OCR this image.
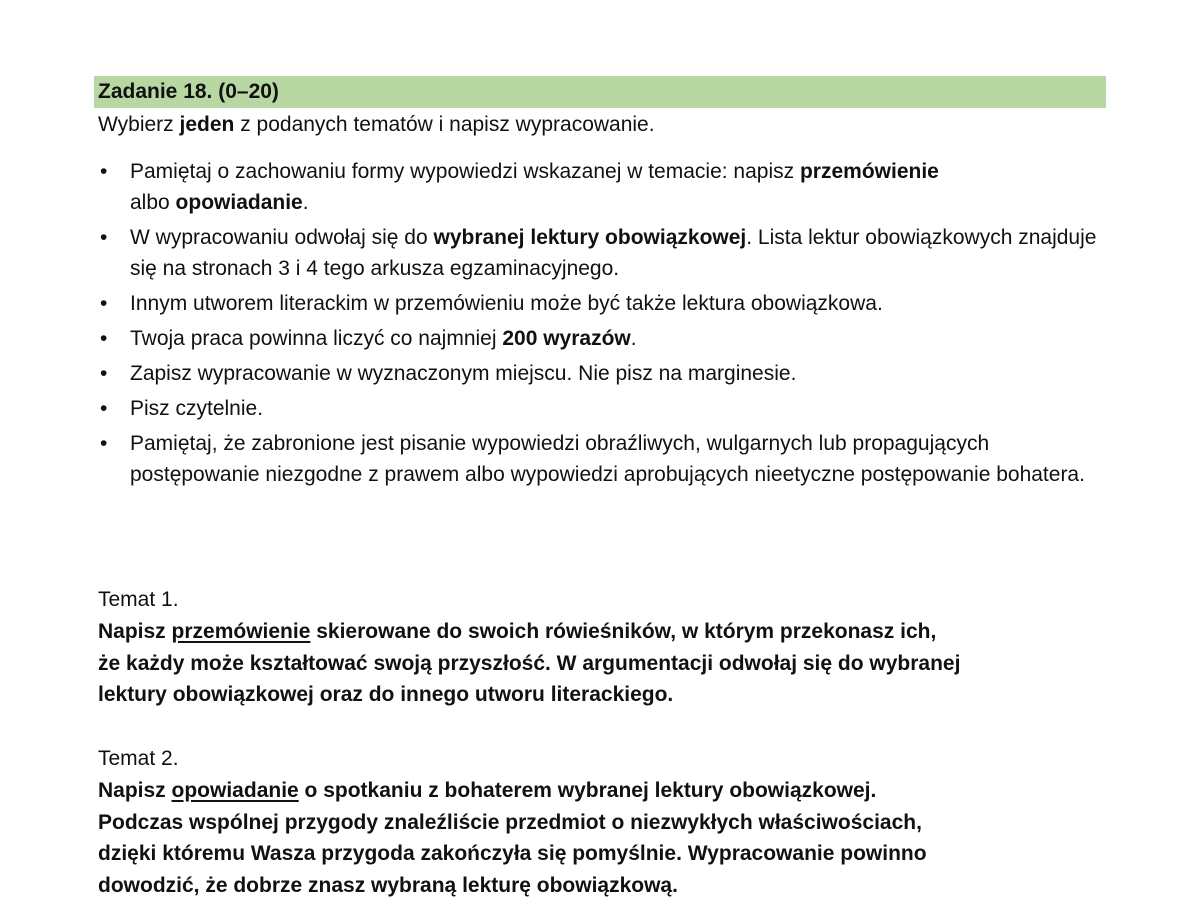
Zadanie 18. (0–20)
Wybierz jeden z podanych tematów i napisz wypracowanie.
• Pamiętaj o zachowaniu formy wypowiedzi wskazanej w temacie: napisz przemówienie
albo opowiadanie.
• W wypracowaniu odwołaj się do wybranej lektury obowiązkowej. Lista lektur obowiązkowych znajduje się na stronach 3 i 4 tego arkusza egzaminacyjnego.
• Innym utworem literackim w przemówieniu może być także lektura obowiązkowa.
• Twoja praca powinna liczyć co najmniej 200 wyrazów.
• Zapisz wypracowanie w wyznaczonym miejscu. Nie pisz na marginesie.
• Pisz czytelnie.
• Pamiętaj, że zabronione jest pisanie wypowiedzi obraźliwych, wulgarnych lub propagujących postępowanie niezgodne z prawem albo wypowiedzi aprobujących nieetyczne postępowanie bohatera.
Temat 1.
Napisz przemówienie skierowane do swoich rówieśników, w którym przekonasz ich,
że każdy może kształtować swoją przyszłość. W argumentacji odwołaj się do wybranej
lektury obowiązkowej oraz do innego utworu literackiego.
Temat 2.
Napisz opowiadanie o spotkaniu z bohaterem wybranej lektury obowiązkowej.
Podczas wspólnej przygody znaleźliście przedmiot o niezwykłych właściwościach,
dzięki któremu Wasza przygoda zakończyła się pomyślnie. Wypracowanie powinno
dowodzić, że dobrze znasz wybraną lekturę obowiązkową.
